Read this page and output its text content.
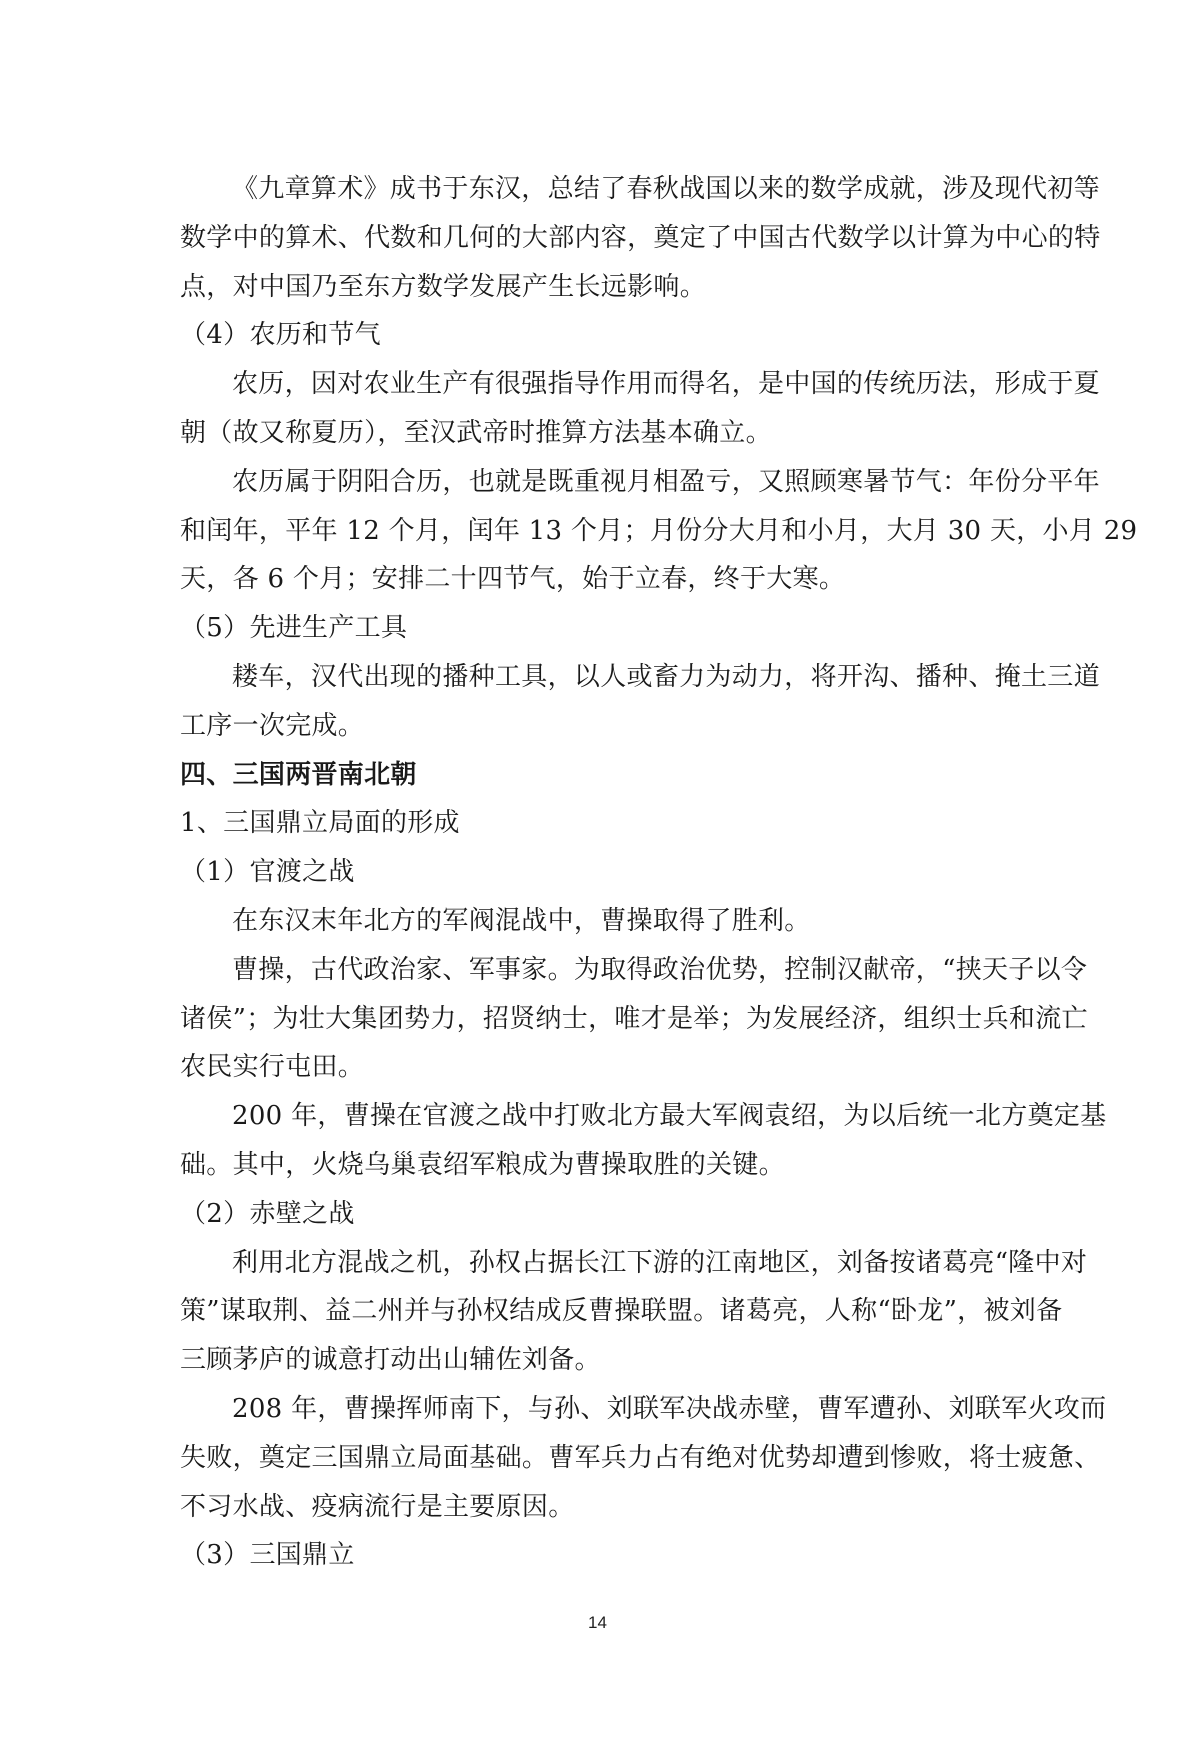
《九章算术》成书于东汉，总结了春秋战国以来的数学成就，涉及现代初等
数学中的算术、代数和几何的大部内容，奠定了中国古代数学以计算为中心的特
点，对中国乃至东方数学发展产生长远影响。
（4）农历和节气
农历，因对农业生产有很强指导作用而得名，是中国的传统历法，形成于夏
朝（故又称夏历），至汉武帝时推算方法基本确立。
农历属于阴阳合历，也就是既重视月相盈亏，又照顾寒暑节气：年份分平年
和闰年，平年 12 个月，闰年 13 个月；月份分大月和小月，大月 30 天，小月 29
天，各 6 个月；安排二十四节气，始于立春，终于大寒。
（5）先进生产工具
耧车，汉代出现的播种工具，以人或畜力为动力，将开沟、播种、掩土三道
工序一次完成。
四、三国两晋南北朝
1、三国鼎立局面的形成
（1）官渡之战
在东汉末年北方的军阀混战中，曹操取得了胜利。
曹操，古代政治家、军事家。为取得政治优势，控制汉献帝，“挟天子以令
诸侯”；为壮大集团势力，招贤纳士，唯才是举；为发展经济，组织士兵和流亡
农民实行屯田。
200 年，曹操在官渡之战中打败北方最大军阀袁绍，为以后统一北方奠定基
础。其中，火烧乌巢袁绍军粮成为曹操取胜的关键。
（2）赤壁之战
利用北方混战之机，孙权占据长江下游的江南地区，刘备按诸葛亮“隆中对
策”谋取荆、益二州并与孙权结成反曹操联盟。诸葛亮，人称“卧龙”，被刘备
三顾茅庐的诚意打动出山辅佐刘备。
208 年，曹操挥师南下，与孙、刘联军决战赤壁，曹军遭孙、刘联军火攻而
失败，奠定三国鼎立局面基础。曹军兵力占有绝对优势却遭到惨败，将士疲惫、
不习水战、疫病流行是主要原因。
（3）三国鼎立
14
